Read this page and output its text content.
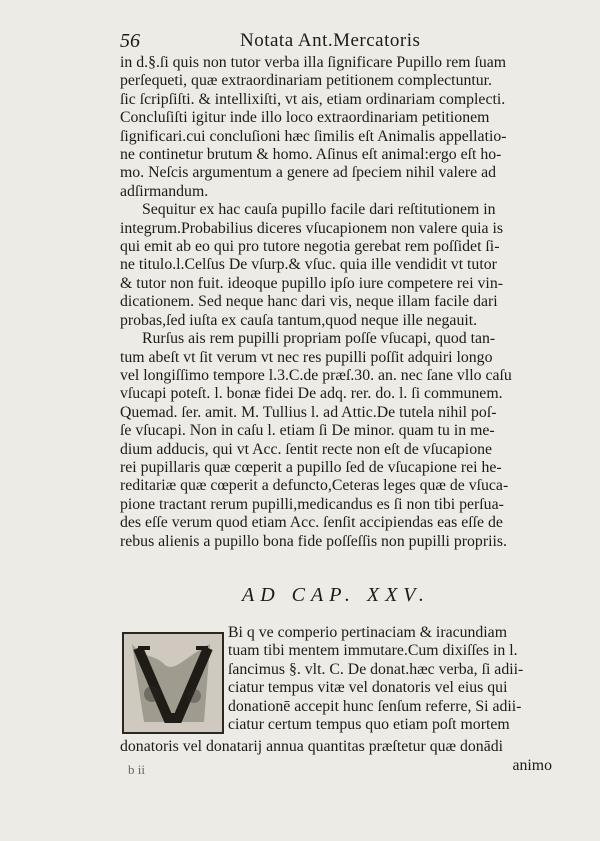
56	Notata Ant.Mercatoris
in d.§.ſi quis non tutor verba illa ſignificare Pupillo rem ſuam
perſequeti, quæ extraordinariam petitionem complectuntur.
ſic ſcripſiſti. & intellixiſti, vt ais, etiam ordinariam complecti.
Concluſiſti igitur inde illo loco extraordinariam petitionem
ſignificari.cui concluſioni hæc ſimilis eſt Animalis appellatio-
ne continetur brutum & homo. Aſinus eſt animal:ergo eſt ho-
mo. Neſcis argumentum a genere ad ſpeciem nihil valere ad
adſirmandum.
Sequitur ex hac cauſa pupillo facile dari reſtitutionem in
integrum.Probabilius diceres vſucapionem non valere quia is
qui emit ab eo qui pro tutore negotia gerebat rem poſſidet ſi-
ne titulo.l.Celſus De vſurp.& vſuc. quia ille vendidit vt tutor
& tutor non fuit. ideoque pupillo ipſo iure competere rei vin-
dicationem. Sed neque hanc dari vis, neque illam facile dari
probas,ſed iuſta ex cauſa tantum,quod neque ille negauit.
Rurſus ais rem pupilli propriam poſſe vſucapi, quod tan-
tum abeſt vt ſit verum vt nec res pupilli poſſit adquiri longo
vel longiſſimo tempore l.3.C.de præſ.30. an. nec ſane vllo caſu
vſucapi poteſt. l. bonæ fidei De adq. rer. do. l. ſi communem.
Quemad. ſer. amit. M. Tullius l. ad Attic.De tutela nihil poſ-
ſe vſucapi. Non in caſu l. etiam ſi De minor. quam tu in me-
dium adducis, qui vt Acc. ſentit recte non eſt de vſucapione
rei pupillaris quæ cœperit a pupillo ſed de vſucapione rei he-
reditariæ quæ cœperit a defuncto,Ceteras leges quæ de vſuca-
pione tractant rerum pupilli,medicandus es ſi non tibi perſua-
des eſſe verum quod etiam Acc. ſenſit accipiendas eas eſſe de
rebus alienis a pupillo bona fide poſſeſſis non pupilli propriis.
AD CAP. XXV.
Bi q ve comperio pertinaciam & iracundiam
tuam tibi mentem immutare.Cum dixiſſes in l.
ſancimus §. vlt. C. De donat.hæc verba, ſi adii-
ciatur tempus vitæ vel donatoris vel eius qui
donationē accepit hunc ſenſum referre, Si adii-
ciatur certum tempus quo etiam poſt mortem
donatoris vel donatarij annua quantitas præſtetur quæ donādi
animo
b ii
